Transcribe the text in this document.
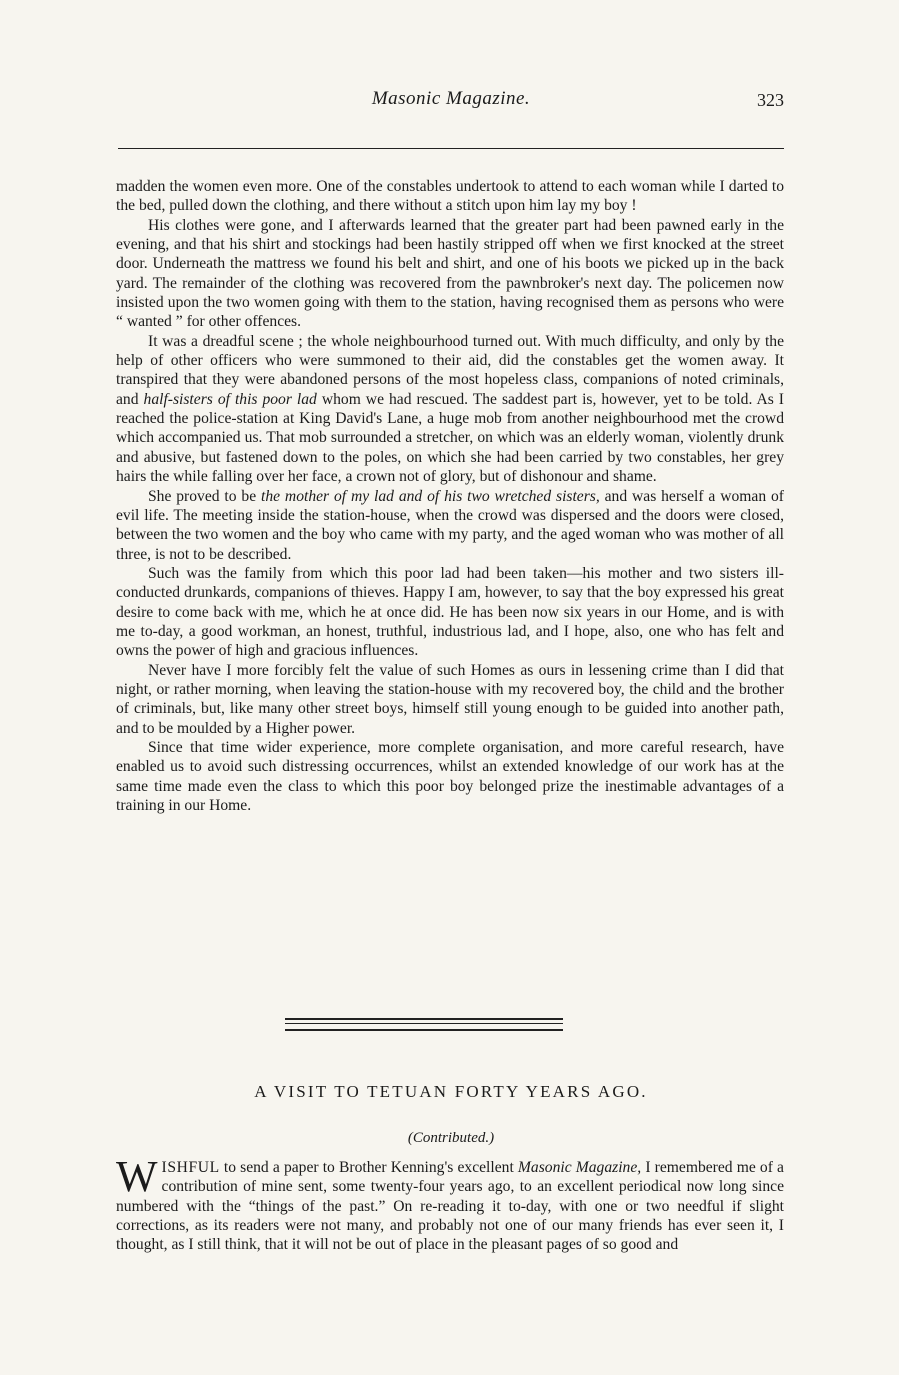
Masonic Magazine.	323

madden the women even more. One of the constables undertook to attend to each woman while I darted to the bed, pulled down the clothing, and there without a stitch upon him lay my boy !

His clothes were gone, and I afterwards learned that the greater part had been pawned early in the evening, and that his shirt and stockings had been hastily stripped off when we first knocked at the street door. Underneath the mattress we found his belt and shirt, and one of his boots we picked up in the back yard. The remainder of the clothing was recovered from the pawnbroker's next day. The policemen now insisted upon the two women going with them to the station, having recognised them as persons who were “ wanted ” for other offences.

It was a dreadful scene ; the whole neighbourhood turned out. With much difficulty, and only by the help of other officers who were summoned to their aid, did the constables get the women away. It transpired that they were abandoned persons of the most hopeless class, companions of noted criminals, and half-sisters of this poor lad whom we had rescued. The saddest part is, however, yet to be told. As I reached the police-station at King David's Lane, a huge mob from another neighbourhood met the crowd which accompanied us. That mob surrounded a stretcher, on which was an elderly woman, violently drunk and abusive, but fastened down to the poles, on which she had been carried by two constables, her grey hairs the while falling over her face, a crown not of glory, but of dishonour and shame.

She proved to be the mother of my lad and of his two wretched sisters, and was herself a woman of evil life. The meeting inside the station-house, when the crowd was dispersed and the doors were closed, between the two women and the boy who came with my party, and the aged woman who was mother of all three, is not to be described.

Such was the family from which this poor lad had been taken—his mother and two sisters ill-conducted drunkards, companions of thieves. Happy I am, however, to say that the boy expressed his great desire to come back with me, which he at once did. He has been now six years in our Home, and is with me to-day, a good workman, an honest, truthful, industrious lad, and I hope, also, one who has felt and owns the power of high and gracious influences.

Never have I more forcibly felt the value of such Homes as ours in lessening crime than I did that night, or rather morning, when leaving the station-house with my recovered boy, the child and the brother of criminals, but, like many other street boys, himself still young enough to be guided into another path, and to be moulded by a Higher power.

Since that time wider experience, more complete organisation, and more careful research, have enabled us to avoid such distressing occurrences, whilst an extended knowledge of our work has at the same time made even the class to which this poor boy belonged prize the inestimable advantages of a training in our Home.

A VISIT TO TETUAN FORTY YEARS AGO.
(Contributed.)

WISHFUL to send a paper to Brother Kenning's excellent Masonic Magazine, I remembered me of a contribution of mine sent, some twenty-four years ago, to an excellent periodical now long since numbered with the “things of the past.” On re-reading it to-day, with one or two needful if slight corrections, as its readers were not many, and probably not one of our many friends has ever seen it, I thought, as I still think, that it will not be out of place in the pleasant pages of so good and
